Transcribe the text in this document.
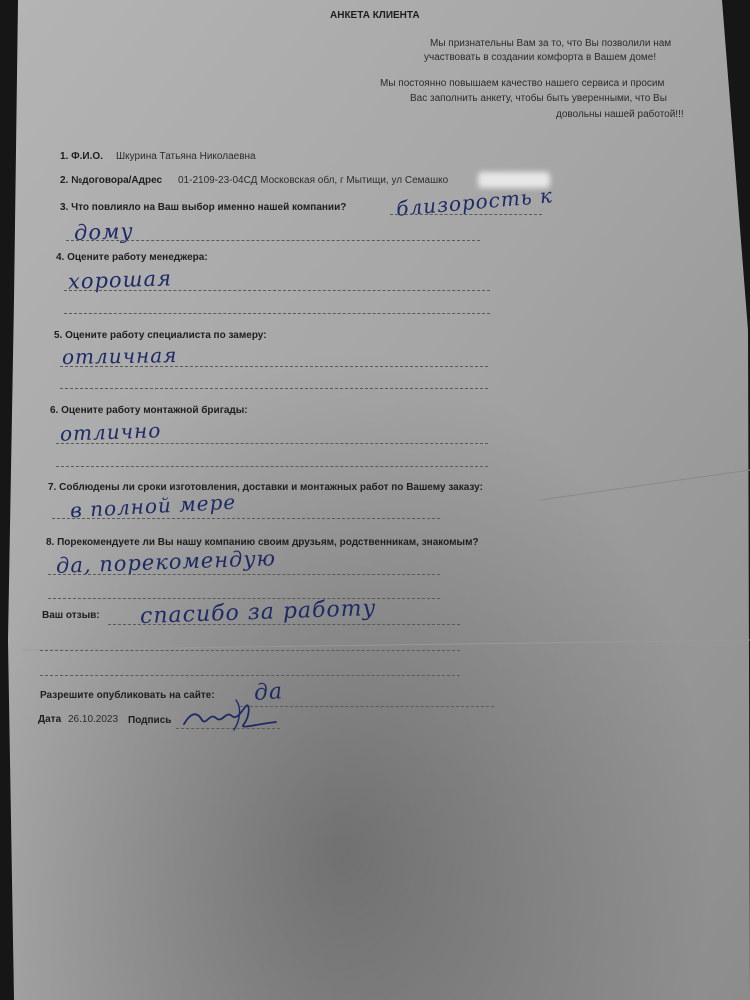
АНКЕТА КЛИЕНТА
Мы признательны Вам за то, что Вы позволили нам
участвовать в создании комфорта в Вашем доме!
Мы постоянно повышаем качество нашего сервиса и просим
Вас заполнить анкету, чтобы быть уверенными, что Вы
довольны нашей работой!!!
1. Ф.И.О. Шкурина Татьяна Николаевна
2. №договора/Адрес 01-2109-23-04СД Московская обл, г Мытищи, ул Семашко
3. Что повлияло на Ваш выбор именно нашей компании? близорость к
дому
4. Оцените работу менеджера:
хорошая
5. Оцените работу специалиста по замеру:
отличная
6. Оцените работу монтажной бригады:
отлично
7. Соблюдены ли сроки изготовления, доставки и монтажных работ по Вашему заказу:
в полной мере
8. Порекомендуете ли Вы нашу компанию своим друзьям, родственникам, знакомым?
да, порекомендую
Ваш отзыв: спасибо за работу
Разрешите опубликовать на сайте: да
Дата 26.10.2023 Подпись
